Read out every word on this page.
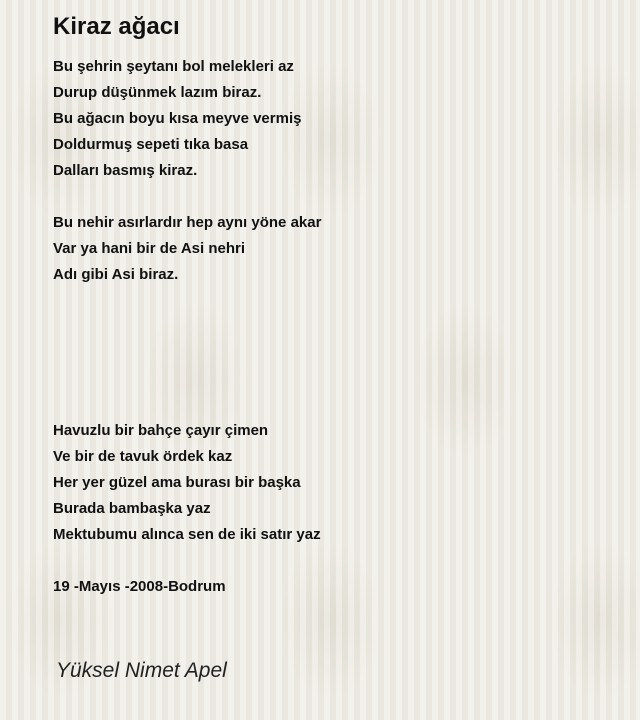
Kiraz ağacı
Bu şehrin şeytanı bol melekleri az
Durup düşünmek lazım biraz.
Bu ağacın boyu kısa meyve vermiş
Doldurmuş sepeti tıka basa
Dalları basmış kiraz.
Bu nehir asırlardır hep aynı yöne akar
Var ya hani bir de Asi nehri
Adı gibi Asi biraz.
Havuzlu bir bahçe çayır çimen
Ve bir de tavuk ördek kaz
Her yer güzel ama burası bir başka
Burada bambaşka yaz
Mektubumu alınca sen de iki satır yaz
19 -Mayıs -2008-Bodrum
Yüksel Nimet Apel
